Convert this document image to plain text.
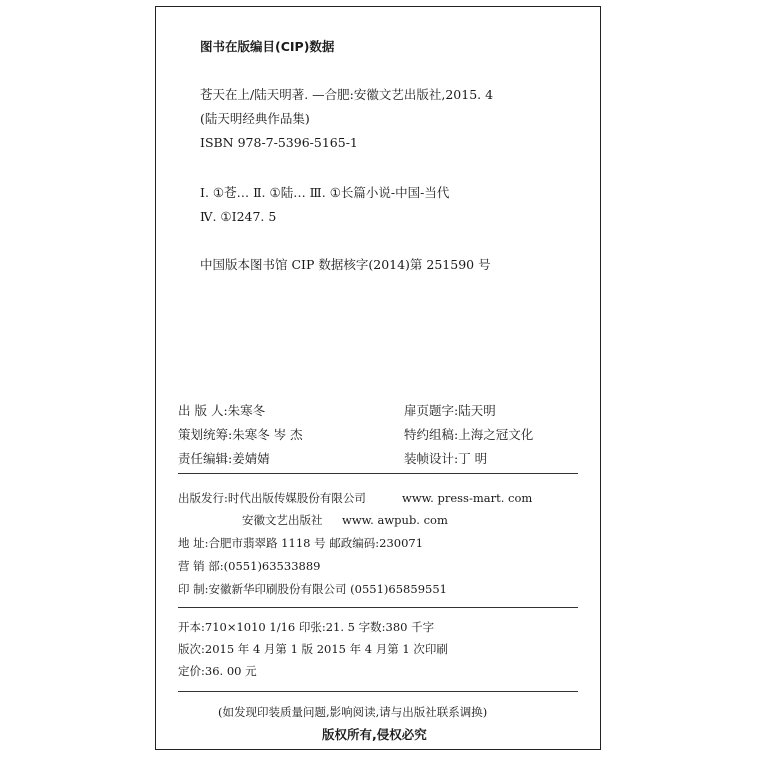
图书在版编目(CIP)数据
苍天在上/陆天明著. —合肥:安徽文艺出版社,2015. 4
(陆天明经典作品集)
ISBN 978-7-5396-5165-1
Ⅰ. ①苍… Ⅱ. ①陆… Ⅲ. ①长篇小说-中国-当代
Ⅳ. ①I247. 5
中国版本图书馆 CIP 数据核字(2014)第 251590 号
出 版 人:朱寒冬	扉页题字:陆天明
策划统筹:朱寒冬 岑 杰	特约组稿:上海之冠文化
责任编辑:姜婧婧	装帧设计:丁 明
出版发行:时代出版传媒股份有限公司	www. press-mart. com
安徽文艺出版社 www. awpub. com
地 址:合肥市翡翠路 1118 号 邮政编码:230071
营 销 部:(0551)63533889
印 制:安徽新华印刷股份有限公司 (0551)65859551
开本:710×1010 1/16 印张:21. 5 字数:380 千字
版次:2015 年 4 月第 1 版 2015 年 4 月第 1 次印刷
定价:36. 00 元
(如发现印装质量问题,影响阅读,请与出版社联系调换)
版权所有,侵权必究
